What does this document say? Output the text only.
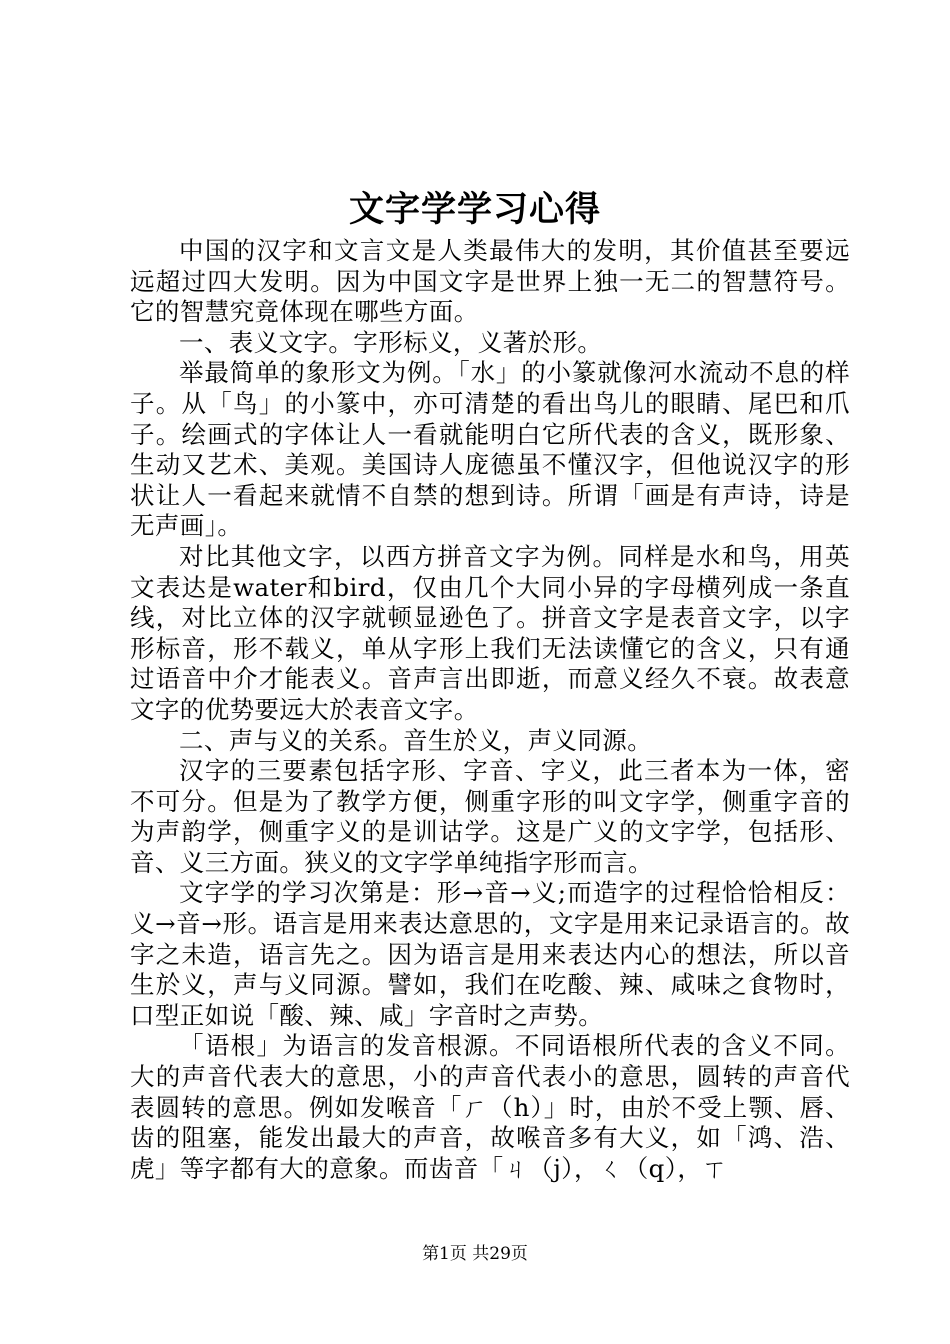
文字学学习心得

中国的汉字和文言文是人类最伟大的发明，其价值甚至要远远超过四大发明。因为中国文字是世界上独一无二的智慧符号。它的智慧究竟体现在哪些方面。

一、表义文字。字形标义，义著於形。

举最简单的象形文为例。「水」的小篆就像河水流动不息的样子。从「鸟」的小篆中，亦可清楚的看出鸟儿的眼睛、尾巴和爪子。绘画式的字体让人一看就能明白它所代表的含义，既形象、生动又艺术、美观。美国诗人庞德虽不懂汉字，但他说汉字的形状让人一看起来就情不自禁的想到诗。所谓「画是有声诗，诗是无声画」。

对比其他文字，以西方拼音文字为例。同样是水和鸟，用英文表达是water和bird，仅由几个大同小异的字母横列成一条直线，对比立体的汉字就顿显逊色了。拼音文字是表音文字，以字形标音，形不载义，单从字形上我们无法读懂它的含义，只有通过语音中介才能表义。音声言出即逝，而意义经久不衰。故表意文字的优势要远大於表音文字。

二、声与义的关系。音生於义，声义同源。

汉字的三要素包括字形、字音、字义，此三者本为一体，密不可分。但是为了教学方便，侧重字形的叫文字学，侧重字音的为声韵学，侧重字义的是训诂学。这是广义的文字学，包括形、音、义三方面。狭义的文字学单纯指字形而言。

文字学的学习次第是：形→音→义;而造字的过程恰恰相反：义→音→形。语言是用来表达意思的，文字是用来记录语言的。故字之未造，语言先之。因为语言是用来表达内心的想法，所以音生於义，声与义同源。譬如，我们在吃酸、辣、咸味之食物时，口型正如说「酸、辣、咸」字音时之声势。

「语根」为语言的发音根源。不同语根所代表的含义不同。大的声音代表大的意思，小的声音代表小的意思，圆转的声音代表圆转的意思。例如发喉音「ㄏ（h）」时，由於不受上颚、唇、齿的阻塞，能发出最大的声音，故喉音多有大义，如「鸿、浩、虎」等字都有大的意象。而齿音「ㄐ（j），ㄑ（q），ㄒ

第1页 共29页
